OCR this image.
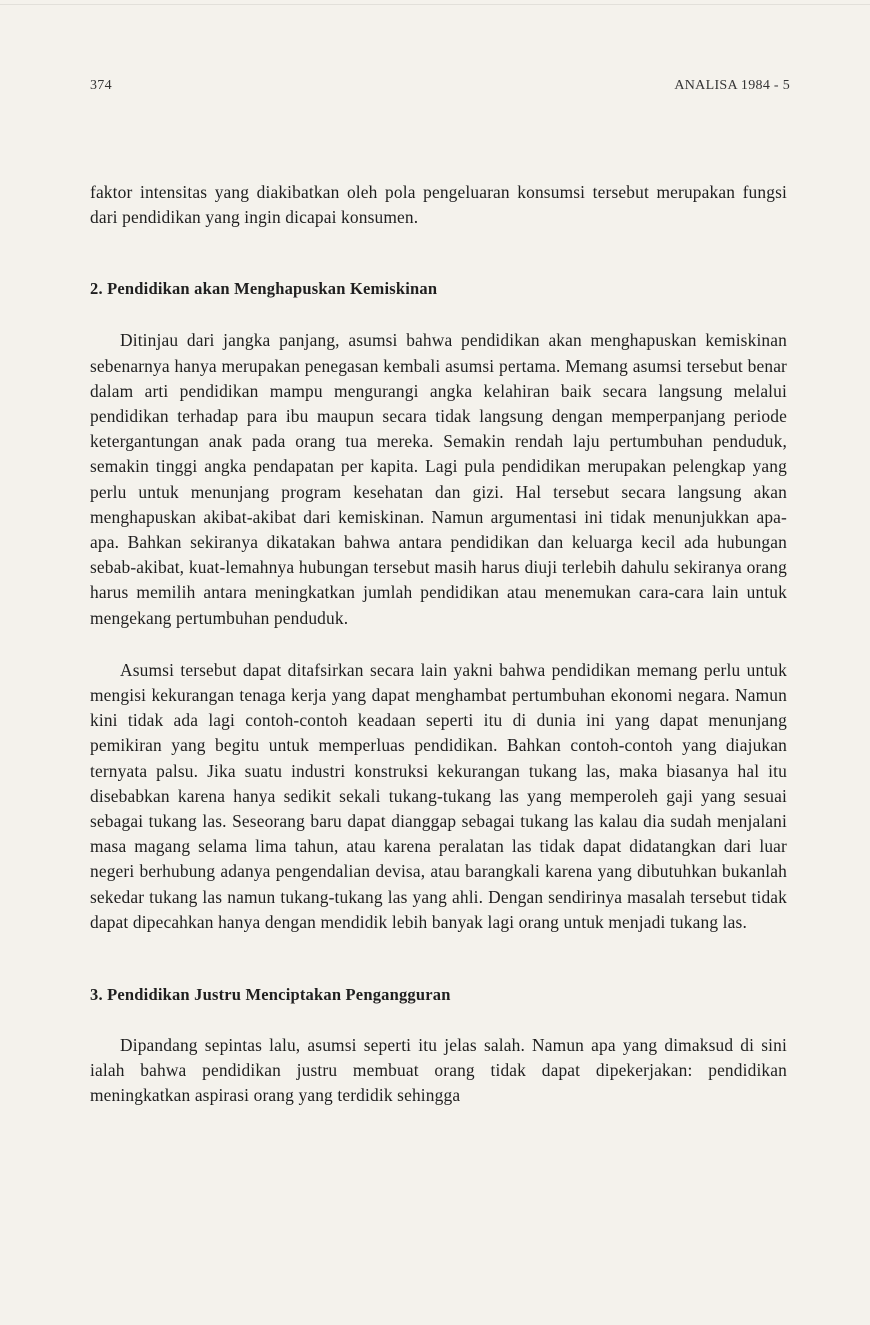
374	ANALISA 1984 - 5

faktor intensitas yang diakibatkan oleh pola pengeluaran konsumsi tersebut merupakan fungsi dari pendidikan yang ingin dicapai konsumen.

2. Pendidikan akan Menghapuskan Kemiskinan

Ditinjau dari jangka panjang, asumsi bahwa pendidikan akan menghapuskan kemiskinan sebenarnya hanya merupakan penegasan kembali asumsi pertama. Memang asumsi tersebut benar dalam arti pendidikan mampu mengurangi angka kelahiran baik secara langsung melalui pendidikan terhadap para ibu maupun secara tidak langsung dengan memperpanjang periode ketergantungan anak pada orang tua mereka. Semakin rendah laju pertumbuhan penduduk, semakin tinggi angka pendapatan per kapita. Lagi pula pendidikan merupakan pelengkap yang perlu untuk menunjang program kesehatan dan gizi. Hal tersebut secara langsung akan menghapuskan akibat-akibat dari kemiskinan. Namun argumentasi ini tidak menunjukkan apa-apa. Bahkan sekiranya dikatakan bahwa antara pendidikan dan keluarga kecil ada hubungan sebab-akibat, kuat-lemahnya hubungan tersebut masih harus diuji terlebih dahulu sekiranya orang harus memilih antara meningkatkan jumlah pendidikan atau menemukan cara-cara lain untuk mengekang pertumbuhan penduduk.

Asumsi tersebut dapat ditafsirkan secara lain yakni bahwa pendidikan memang perlu untuk mengisi kekurangan tenaga kerja yang dapat menghambat pertumbuhan ekonomi negara. Namun kini tidak ada lagi contoh-contoh keadaan seperti itu di dunia ini yang dapat menunjang pemikiran yang begitu untuk memperluas pendidikan. Bahkan contoh-contoh yang diajukan ternyata palsu. Jika suatu industri konstruksi kekurangan tukang las, maka biasanya hal itu disebabkan karena hanya sedikit sekali tukang-tukang las yang memperoleh gaji yang sesuai sebagai tukang las. Seseorang baru dapat dianggap sebagai tukang las kalau dia sudah menjalani masa magang selama lima tahun, atau karena peralatan las tidak dapat didatangkan dari luar negeri berhubung adanya pengendalian devisa, atau barangkali karena yang dibutuhkan bukanlah sekedar tukang las namun tukang-tukang las yang ahli. Dengan sendirinya masalah tersebut tidak dapat dipecahkan hanya dengan mendidik lebih banyak lagi orang untuk menjadi tukang las.

3. Pendidikan Justru Menciptakan Pengangguran

Dipandang sepintas lalu, asumsi seperti itu jelas salah. Namun apa yang dimaksud di sini ialah bahwa pendidikan justru membuat orang tidak dapat dipekerjakan: pendidikan meningkatkan aspirasi orang yang terdidik sehingga
